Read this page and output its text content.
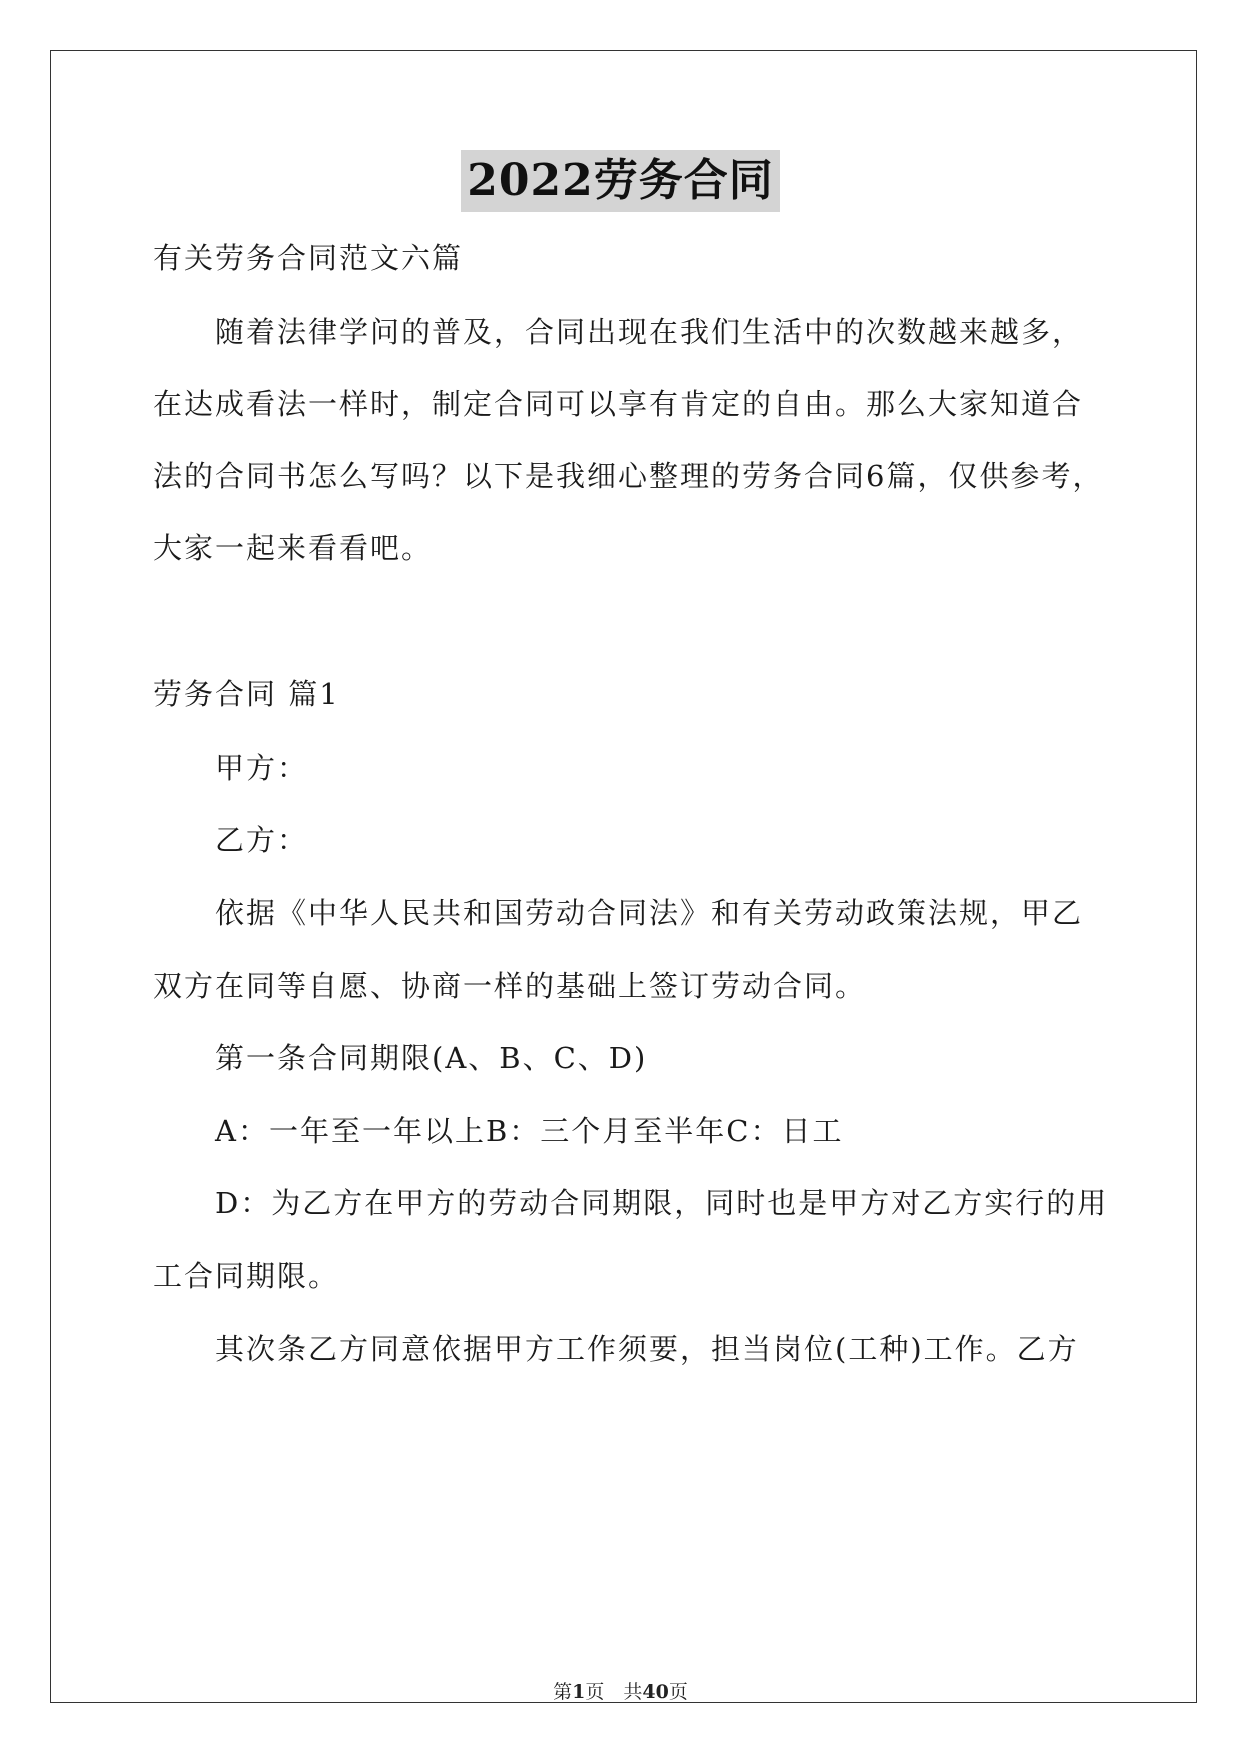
2022劳务合同
有关劳务合同范文六篇
随着法律学问的普及，合同出现在我们生活中的次数越来越多，
在达成看法一样时，制定合同可以享有肯定的自由。那么大家知道合
法的合同书怎么写吗？以下是我细心整理的劳务合同6篇，仅供参考，
大家一起来看看吧。
劳务合同 篇1
甲方：
乙方：
依据《中华人民共和国劳动合同法》和有关劳动政策法规，甲乙
双方在同等自愿、协商一样的基础上签订劳动合同。
第一条合同期限(A、B、C、D)
A：一年至一年以上B：三个月至半年C：日工
D：为乙方在甲方的劳动合同期限，同时也是甲方对乙方实行的用
工合同期限。
其次条乙方同意依据甲方工作须要，担当岗位(工种)工作。乙方
第1页　共40页
